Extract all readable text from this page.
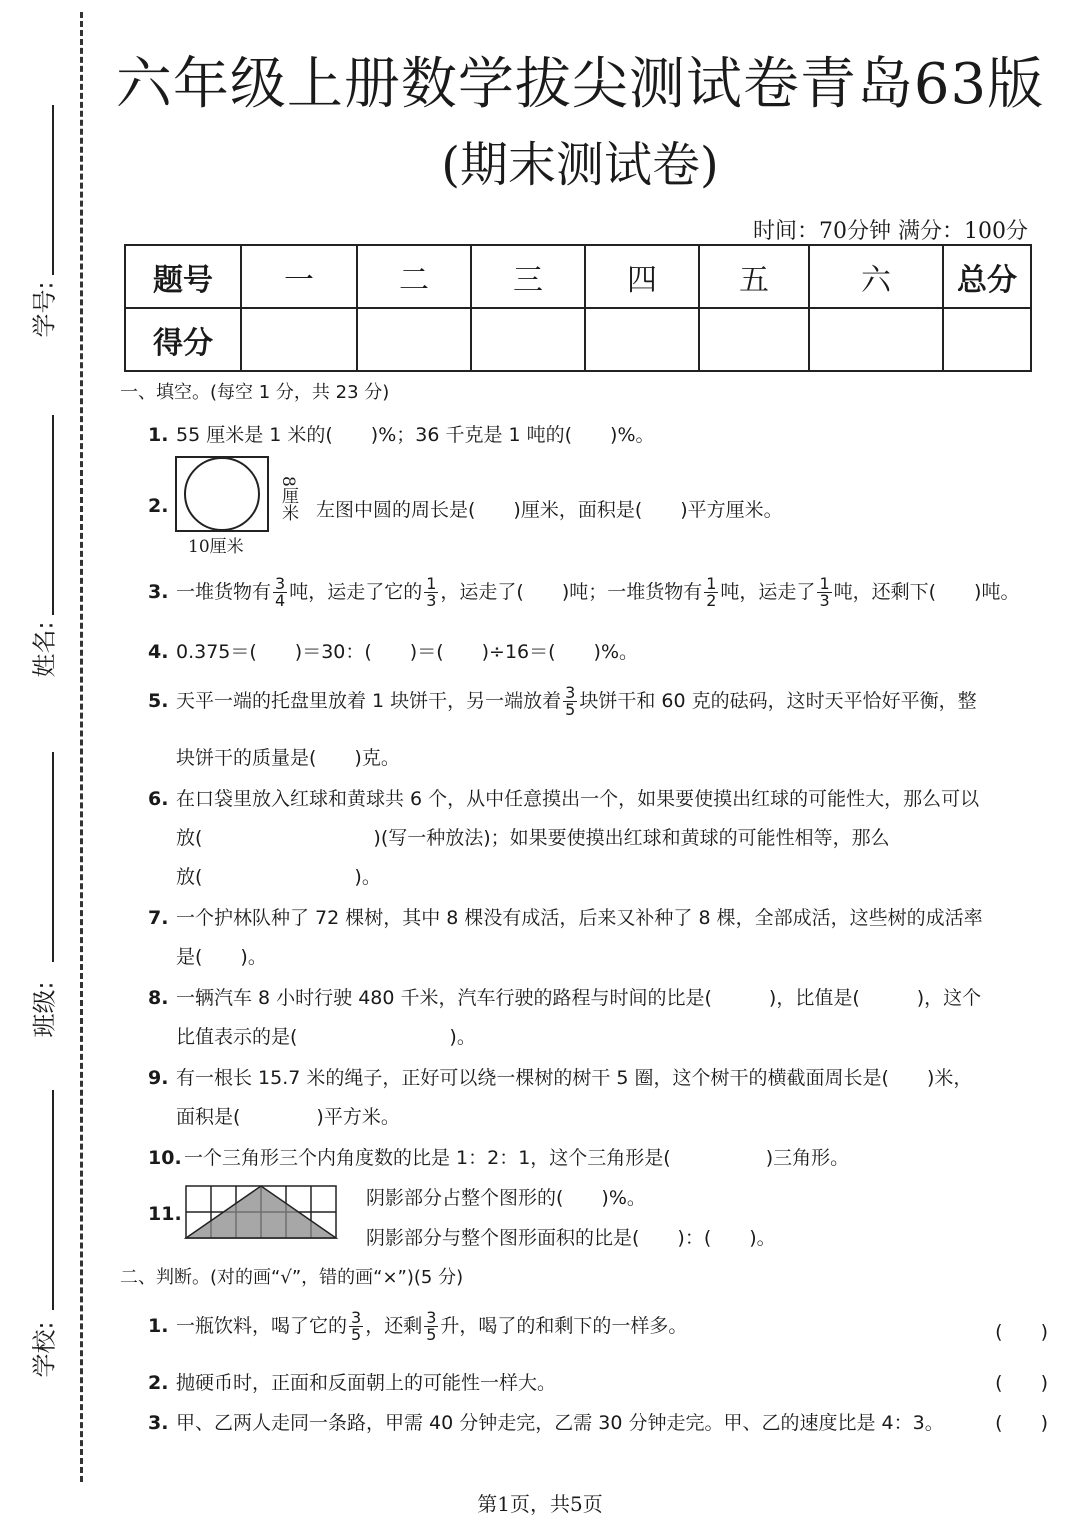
学号:
姓名:
班级:
学校:
六年级上册数学拔尖测试卷青岛63版
(期末测试卷)
时间：70分钟 满分：100分
题号	一	二	三	四	五	六	总分
得分							
一、填空。(每空 1 分，共 23 分)
1. 55 厘米是 1 米的(　　)%；36 千克是 1 吨的(　　)%。
2.
10厘米
8厘米 左图中圆的周长是(　　)厘米，面积是(　　)平方厘米。
3. 一堆货物有 $\frac{3}{4}$ 吨，运走了它的 $\frac{1}{3}$ ，运走了(　　)吨；一堆货物有 $\frac{1}{2}$ 吨，运走了 $\frac{1}{3}$ 吨，还剩下(　　)吨。
4. 0.375＝(　　)＝30：(　　)＝(　　)÷16＝(　　)%。
5. 天平一端的托盘里放着 1 块饼干，另一端放着 $\frac{3}{5}$ 块饼干和 60 克的砝码，这时天平恰好平衡，整
块饼干的质量是(　　)克。
6. 在口袋里放入红球和黄球共 6 个，从中任意摸出一个，如果要使摸出红球的可能性大，那么可以
放(　　　　　　　　　)(写一种放法)；如果要使摸出红球和黄球的可能性相等，那么
放(　　　　　　　　)。
7. 一个护林队种了 72 棵树，其中 8 棵没有成活，后来又补种了 8 棵，全部成活，这些树的成活率
是(　　)。
8. 一辆汽车 8 小时行驶 480 千米，汽车行驶的路程与时间的比是(　　　)，比值是(　　　)，这个
比值表示的是(　　　　　　　　)。
9. 有一根长 15.7 米的绳子，正好可以绕一棵树的树干 5 圈，这个树干的横截面周长是(　　)米，
面积是(　　　　)平方米。
10. 一个三角形三个内角度数的比是 1：2：1，这个三角形是(　　　　　)三角形。
11.
阴影部分占整个图形的(　　)%。
阴影部分与整个图形面积的比是(　　)：(　　)。
二、判断。(对的画“√”，错的画“×”)(5 分)
1. 一瓶饮料，喝了它的 $\frac{3}{5}$ ，还剩 $\frac{3}{5}$ 升，喝了的和剩下的一样多。	(　　)
2. 抛硬币时，正面和反面朝上的可能性一样大。	(　　)
3. 甲、乙两人走同一条路，甲需 40 分钟走完，乙需 30 分钟走完。甲、乙的速度比是 4：3。	(　　)
第1页，共5页
